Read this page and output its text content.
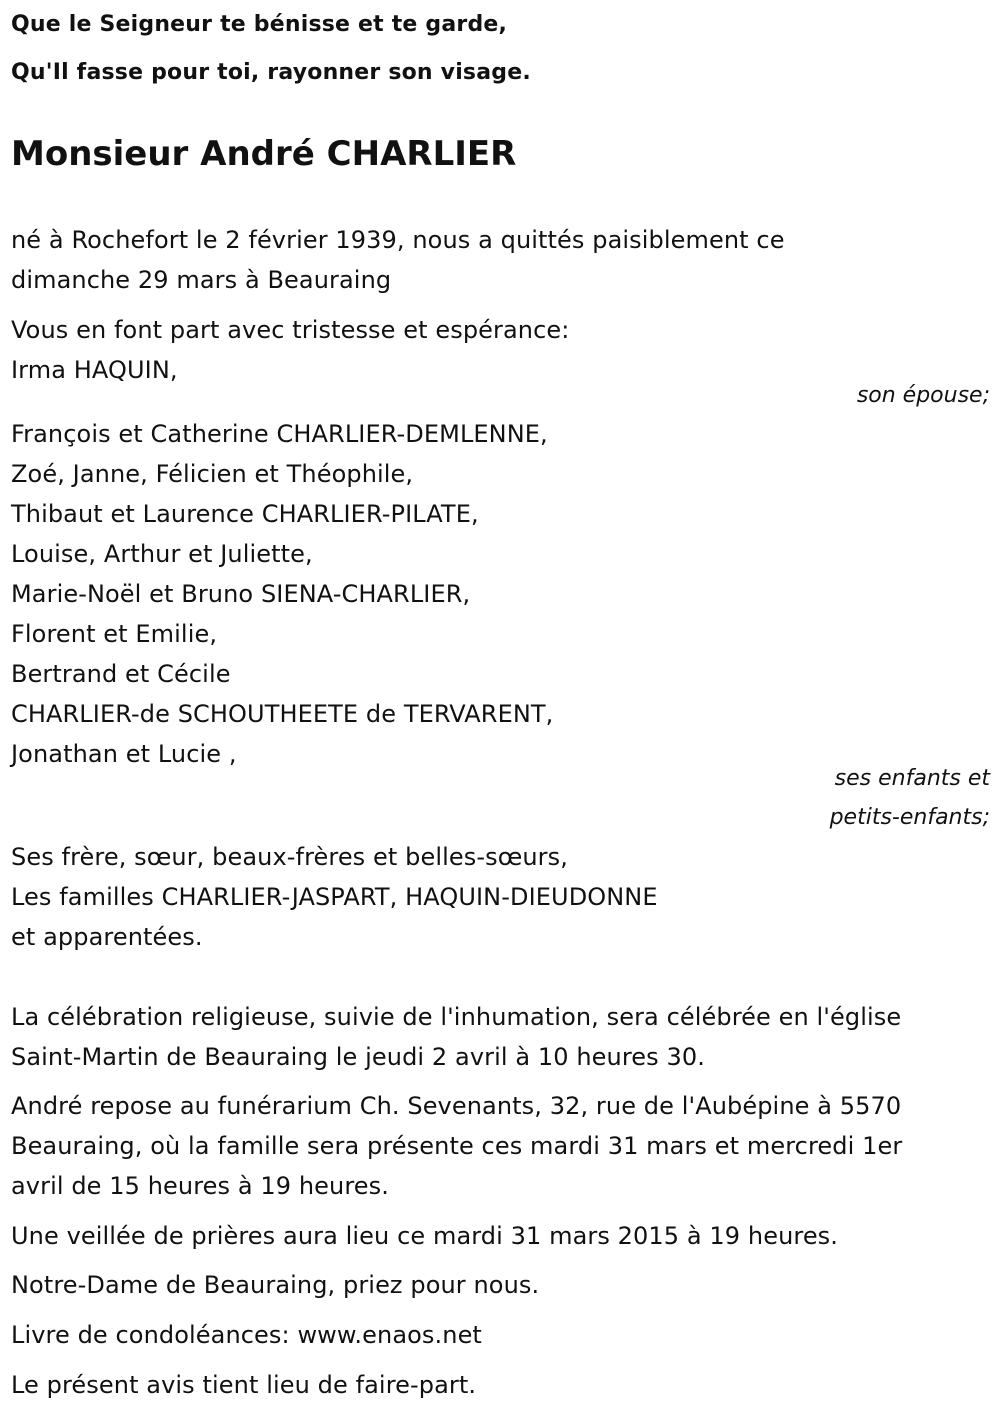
Que le Seigneur te bénisse et te garde,
Qu'Il fasse pour toi, rayonner son visage.
Monsieur André CHARLIER
né à Rochefort le 2 février 1939, nous a quittés paisiblement ce
dimanche 29 mars à Beauraing
Vous en font part avec tristesse et espérance:
Irma HAQUIN,
son épouse;
François et Catherine CHARLIER-DEMLENNE,
Zoé, Janne, Félicien et Théophile,
Thibaut et Laurence CHARLIER-PILATE,
Louise, Arthur et Juliette,
Marie-Noël et Bruno SIENA-CHARLIER,
Florent et Emilie,
Bertrand et Cécile
CHARLIER-de SCHOUTHEETE de TERVARENT,
Jonathan et Lucie ,
ses enfants et
petits-enfants;
Ses frère, sœur, beaux-frères et belles-sœurs,
Les familles CHARLIER-JASPART, HAQUIN-DIEUDONNE
et apparentées.
La célébration religieuse, suivie de l'inhumation, sera célébrée en l'église
Saint-Martin de Beauraing le jeudi 2 avril à 10 heures 30.
André repose au funérarium Ch. Sevenants, 32, rue de l'Aubépine à 5570
Beauraing, où la famille sera présente ces mardi 31 mars et mercredi 1er
avril de 15 heures à 19 heures.
Une veillée de prières aura lieu ce mardi 31 mars 2015 à 19 heures.
Notre-Dame de Beauraing, priez pour nous.
Livre de condoléances: www.enaos.net
Le présent avis tient lieu de faire-part.
